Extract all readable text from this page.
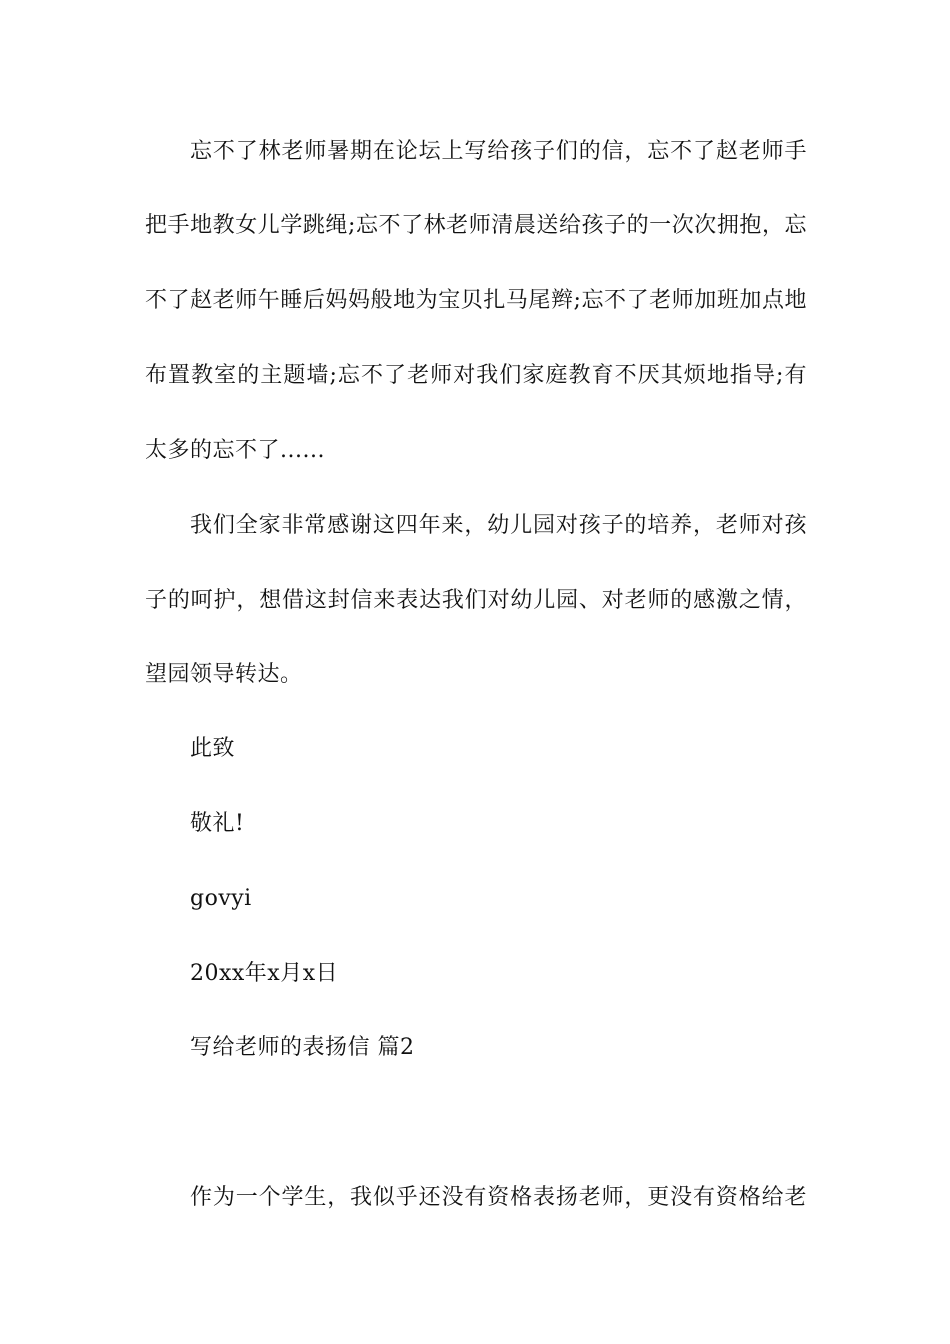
忘不了林老师暑期在论坛上写给孩子们的信，忘不了赵老师手
把手地教女儿学跳绳;忘不了林老师清晨送给孩子的一次次拥抱，忘
不了赵老师午睡后妈妈般地为宝贝扎马尾辫;忘不了老师加班加点地
布置教室的主题墙;忘不了老师对我们家庭教育不厌其烦地指导;有
太多的忘不了......
我们全家非常感谢这四年来，幼儿园对孩子的培养，老师对孩
子的呵护，想借这封信来表达我们对幼儿园、对老师的感激之情，
望园领导转达。
此致
敬礼!
govyi
20xx年x月x日
写给老师的表扬信 篇2
作为一个学生，我似乎还没有资格表扬老师，更没有资格给老
